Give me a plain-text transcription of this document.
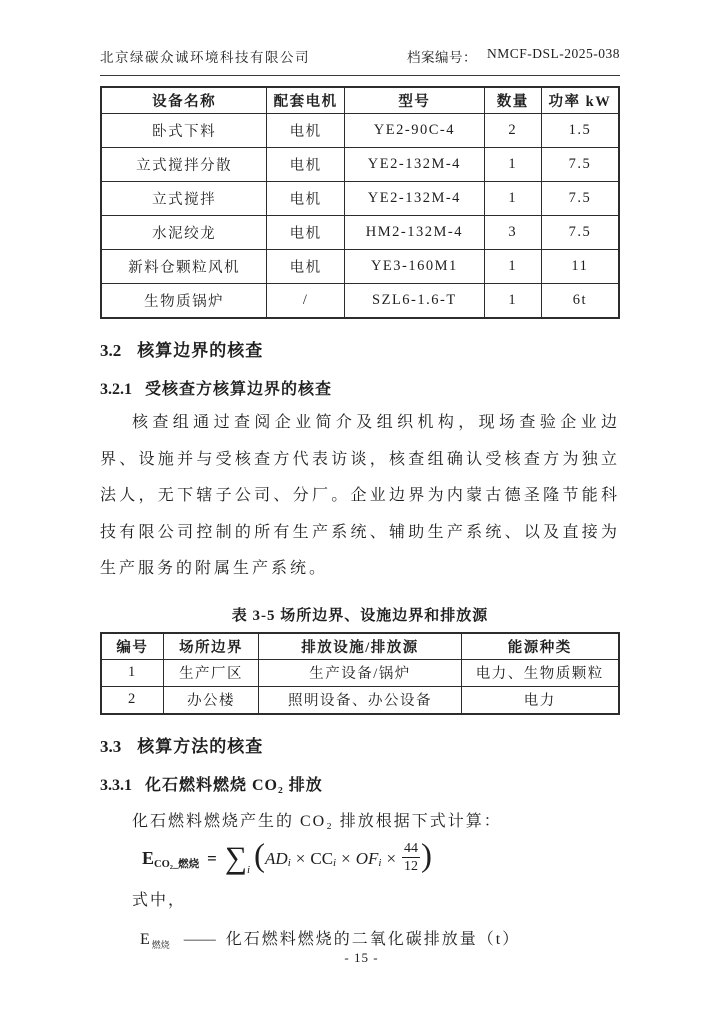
北京绿碳众诚环境科技有限公司	档案编号： NMCF-DSL-2025-038
设备名称	配套电机	型号	数量	功率 kW
卧式下料	电机	YE2-90C-4	2	1.5
立式搅拌分散	电机	YE2-132M-4	1	7.5
立式搅拌	电机	YE2-132M-4	1	7.5
水泥绞龙	电机	HM2-132M-4	3	7.5
新料仓颗粒风机	电机	YE3-160M1	1	11
生物质锅炉	/	SZL6-1.6-T	1	6t
3.2 核算边界的核查
3.2.1 受核查方核算边界的核查

核查组通过查阅企业简介及组织机构，现场查验企业边界、设施并与受核查方代表访谈，核查组确认受核查方为独立法人，无下辖子公司、分厂。企业边界为内蒙古德圣隆节能科技有限公司控制的所有生产系统、辅助生产系统、以及直接为生产服务的附属生产系统。

表 3-5 场所边界、设施边界和排放源
编号	场所边界	排放设施/排放源	能源种类
1	生产厂区	生产设备/锅炉	电力、生物质颗粒
2	办公楼	照明设备、办公设备	电力
3.3 核算方法的核查
3.3.1 化石燃料燃烧 CO₂ 排放
化石燃料燃烧产生的 CO₂ 排放根据下式计算：
E CO₂_燃烧 = ∑ i ( AD i × CC i × OF $i \times \frac{44}{12}$ )
式中，
$E_{燃烧}$ —— 化石燃料燃烧的二氧化碳排放量（t）
- 15 -
